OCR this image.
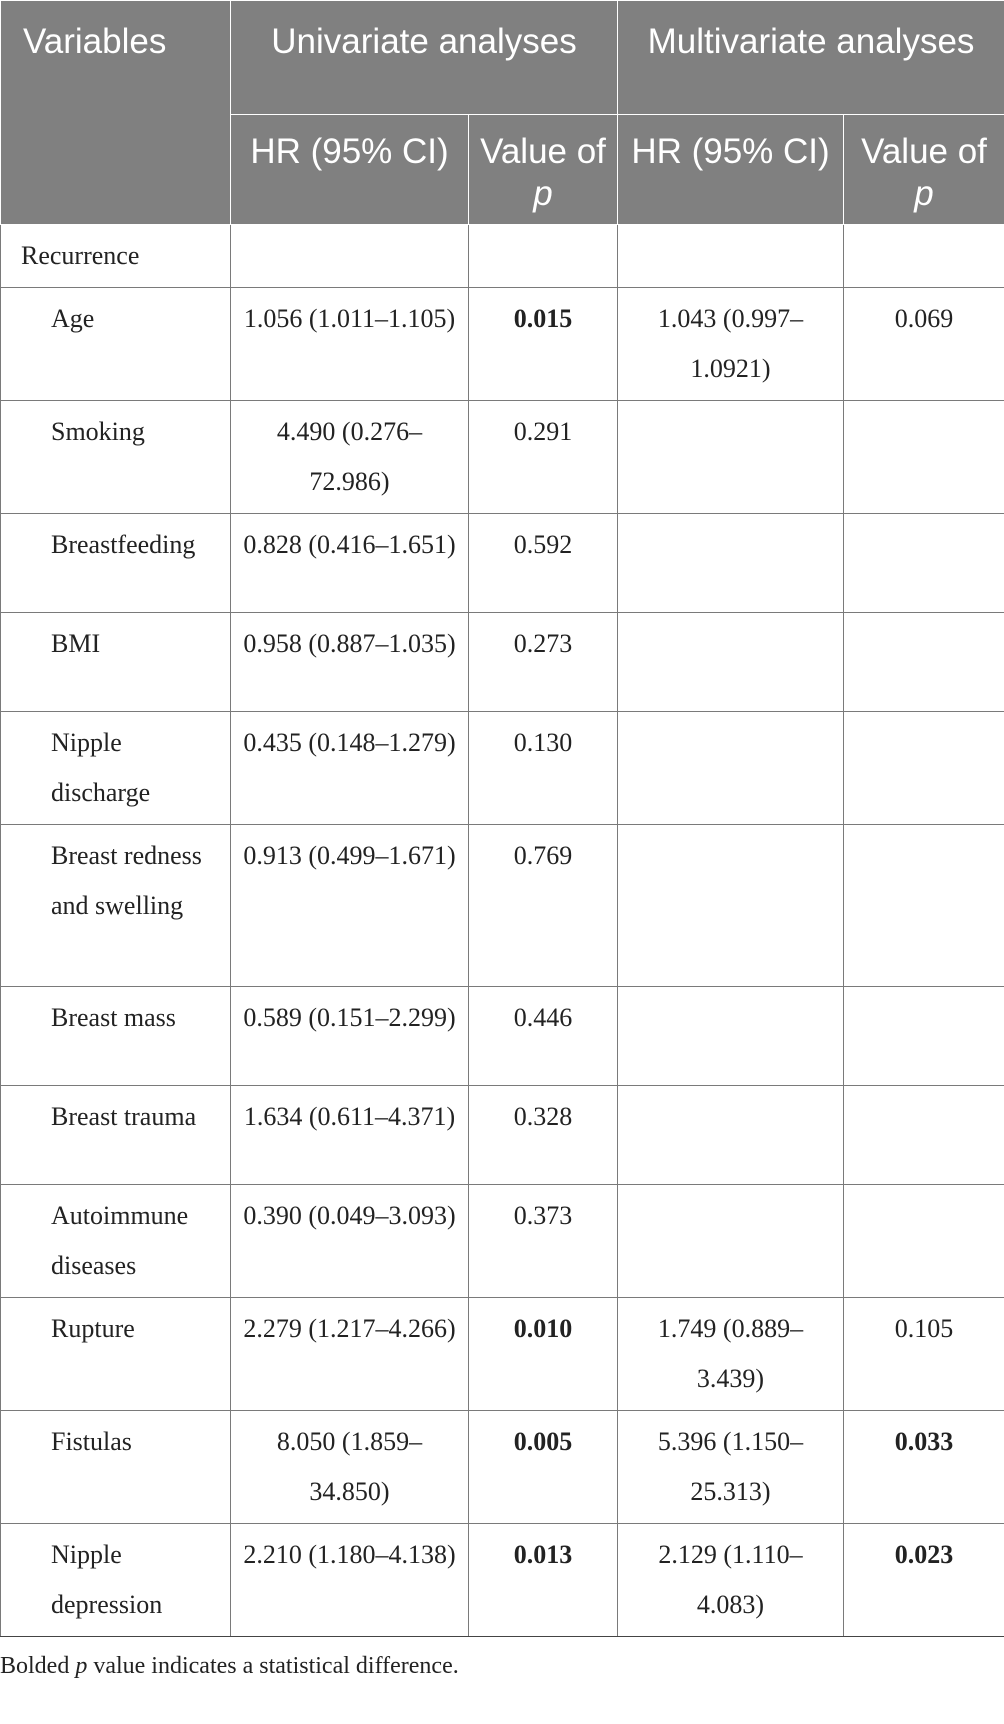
Variables	Univariate analyses		Multivariate analyses	
	HR (95% CI)	Value of p	HR (95% CI)	Value of p
Recurrence				
Age	1.056 (1.011–1.105)	0.015	1.043 (0.997–1.0921)	0.069
Smoking	4.490 (0.276–72.986)	0.291		
Breastfeeding	0.828 (0.416–1.651)	0.592		
BMI	0.958 (0.887–1.035)	0.273		
Nipple discharge	0.435 (0.148–1.279)	0.130		
Breast redness and swelling	0.913 (0.499–1.671)	0.769		
Breast mass	0.589 (0.151–2.299)	0.446		
Breast trauma	1.634 (0.611–4.371)	0.328		
Autoimmune diseases	0.390 (0.049–3.093)	0.373		
Rupture	2.279 (1.217–4.266)	0.010	1.749 (0.889–3.439)	0.105
Fistulas	8.050 (1.859–34.850)	0.005	5.396 (1.150–25.313)	0.033
Nipple depression	2.210 (1.180–4.138)	0.013	2.129 (1.110–4.083)	0.023
Bolded p value indicates a statistical difference.
